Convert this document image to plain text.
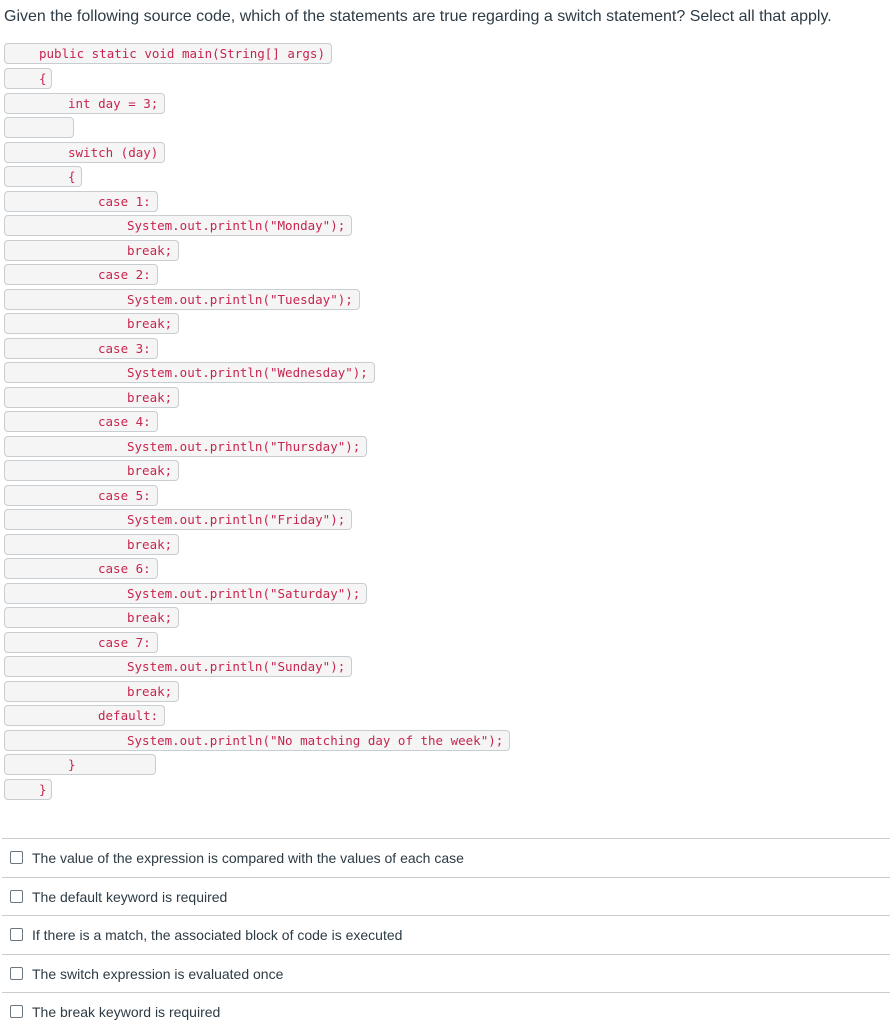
Given the following source code, which of the statements are true regarding a switch statement? Select all that apply.
public static void main(String[] args)
{
int day = 3;
switch (day)
{
case 1:
System.out.println("Monday");
break;
case 2:
System.out.println("Tuesday");
break;
case 3:
System.out.println("Wednesday");
break;
case 4:
System.out.println("Thursday");
break;
case 5:
System.out.println("Friday");
break;
case 6:
System.out.println("Saturday");
break;
case 7:
System.out.println("Sunday");
break;
default:
System.out.println("No matching day of the week");
}
}
The value of the expression is compared with the values of each case
The default keyword is required
If there is a match, the associated block of code is executed
The switch expression is evaluated once
The break keyword is required
